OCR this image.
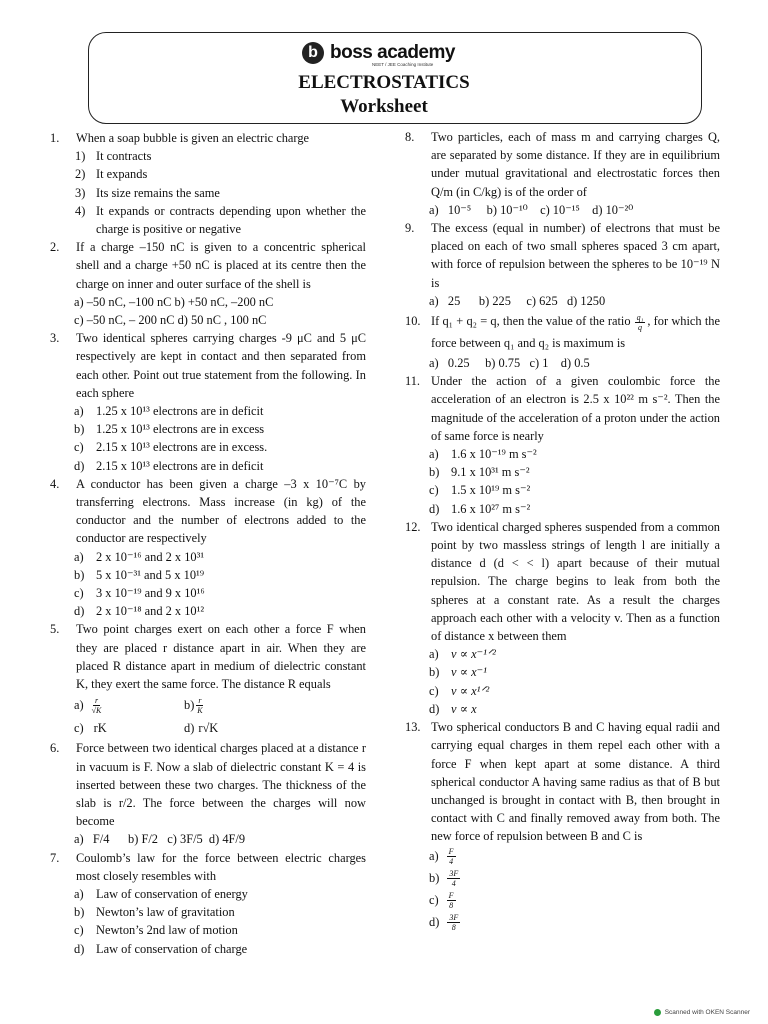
b boss academy
NEET / JEE Coaching Institute
ELECTROSTATICS
Worksheet
1. When a soap bubble is given an electric charge
1) It contracts
2) It expands
3) Its size remains the same
4) It expands or contracts depending upon whether the charge is positive or negative
2. If a charge –150 nC is given to a concentric spherical shell and a charge +50 nC is placed at its centre then the charge on inner and outer surface of the shell is
a) –50 nC, –100 nC b) +50 nC, –200 nC
c) –50 nC, – 200 nC d) 50 nC , 100 nC
3. Two identical spheres carrying charges -9 μC and 5 μC respectively are kept in contact and then separated from each other. Point out true statement from the following. In each sphere
a) 1.25 x 10¹³ electrons are in deficit
b) 1.25 x 10¹³ electrons are in excess
c) 2.15 x 10¹³ electrons are in excess.
d) 2.15 x 10¹³ electrons are in deficit
4. A conductor has been given a charge –3 x 10⁻⁷C by transferring electrons. Mass increase (in kg) of the conductor and the number of electrons added to the conductor are respectively
a) 2 x 10⁻¹⁶ and 2 x 10³¹
b) 5 x 10⁻³¹ and 5 x 10¹⁹
c) 3 x 10⁻¹⁹ and 9 x 10¹⁶
d) 2 x 10⁻¹⁸ and 2 x 10¹²
5. Two point charges exert on each other a force F when they are placed r distance apart in air. When they are placed R distance apart in medium of dielectric constant K, they exert the same force. The distance R equals
$a) \frac{r}{√K}$	$b) \frac{r}{K}$
c) rK	d) r√K
6. Force between two identical charges placed at a distance r in vacuum is F. Now a slab of dielectric constant K = 4 is inserted between these two charges. The thickness of the slab is r/2. The force between the charges will now become
a)   F/4      b) F/2   c) 3F/5  d) 4F/9
7. Coulomb’s law for the force between electric charges most closely resembles with
a) Law of conservation of energy
b) Newton’s law of gravitation
c) Newton’s 2nd law of motion
d) Law of conservation of charge
8. Two particles, each of mass m and carrying charges Q, are separated by some distance. If they are in equilibrium under mutual gravitational and electrostatic forces then Q/m (in C/kg) is of the order of
a)   10⁻⁵     b) 10⁻¹⁰    c) 10⁻¹⁵    d) 10⁻²⁰
9. The excess (equal in number) of electrons that must be placed on each of two small spheres spaced 3 cm apart, with force of repulsion between the spheres to be 10⁻¹⁹ N is
a)   25      b) 225     c) 625   d) 1250
10. If q₁ + q₂ = q, then the value of the ratio $\frac{\text{q₁}}{q}$ , for which the force between q₁ and q₂ is maximum is
a)   0.25     b) 0.75   c) 1    d) 0.5
11. Under the action of a given coulombic force the acceleration of an electron is 2.5 x 10²² m s⁻². Then the magnitude of the acceleration of a proton under the action of same force is nearly
a) 1.6 x 10⁻¹⁹ m s⁻²
b) 9.1 x 10³¹ m s⁻²
c) 1.5 x 10¹⁹ m s⁻²
d) 1.6 x 10²⁷ m s⁻²
12. Two identical charged spheres suspended from a common point by two massless strings of length l are initially a distance d (d < < l) apart because of their mutual repulsion. The charge begins to leak from both the spheres at a constant rate. As a result the charges approach each other with a velocity v. Then as a function of distance x between them
a) v ∝ x⁻¹ᐟ²
b) v ∝ x⁻¹
c) v ∝ x¹ᐟ²
d) v ∝ x
13. Two spherical conductors B and C having equal radii and carrying equal charges in them repel each other with a force F when kept apart at some distance. A third spherical conductor A having same radius as that of B but unchanged is brought in contact with B, then brought in contact with C and finally removed away from both. The new force of repulsion between B and C is
$a) \frac{F}{4}$
$b) \frac{3F}{4}$
$c) \frac{F}{8}$
$d) \frac{3F}{8}$
Scanned with OKEN Scanner
